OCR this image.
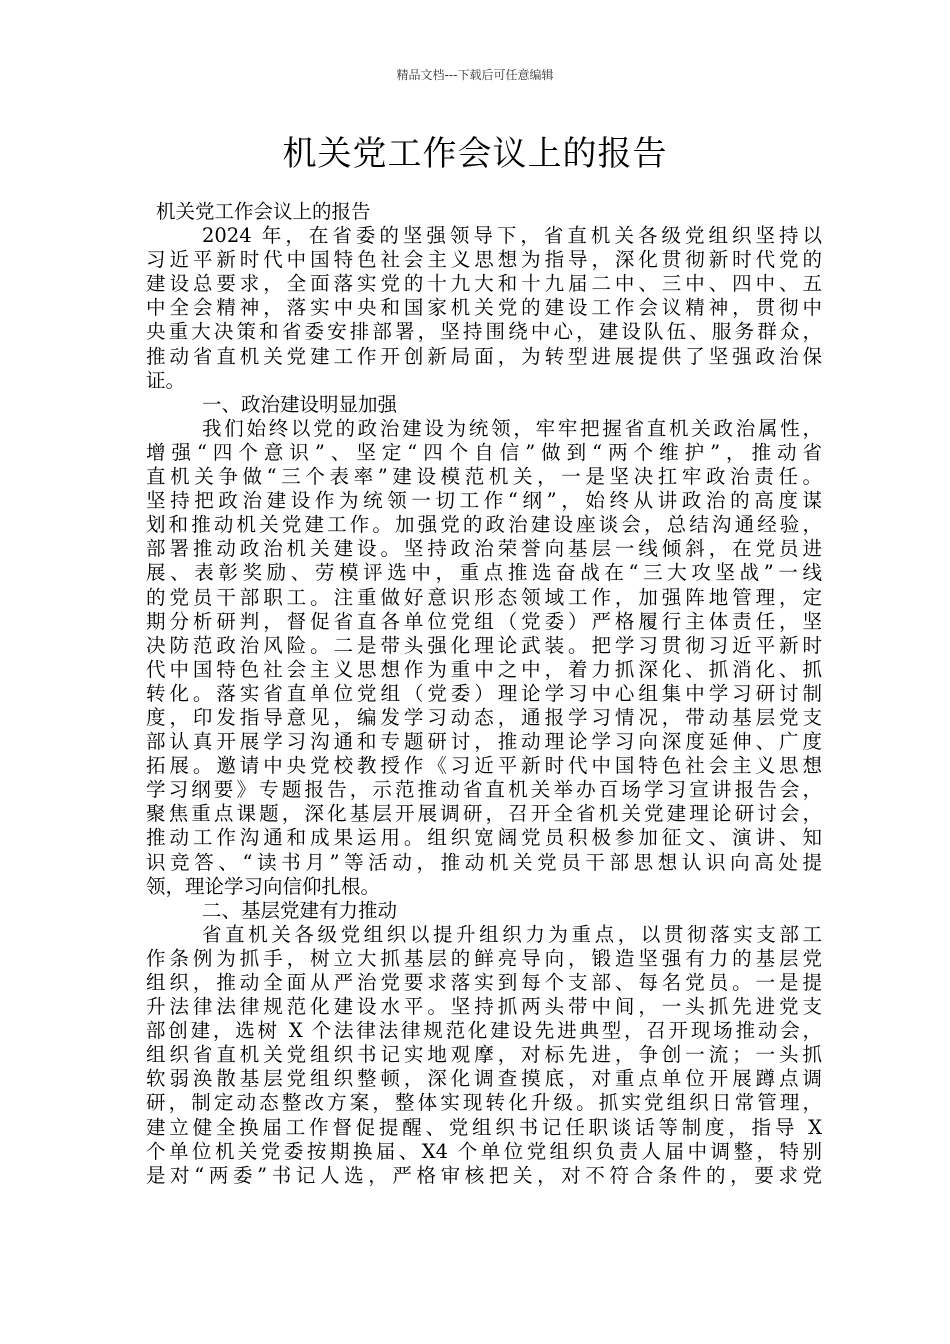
精品文档---下载后可任意编辑
机关党工作会议上的报告
机关党工作会议上的报告
2024 年，在省委的坚强领导下，省直机关各级党组织坚持以
习近平新时代中国特色社会主义思想为指导，深化贯彻新时代党的
建设总要求，全面落实党的十九大和十九届二中、三中、四中、五
中全会精神，落实中央和国家机关党的建设工作会议精神，贯彻中
央重大决策和省委安排部署，坚持围绕中心，建设队伍、服务群众，
推动省直机关党建工作开创新局面，为转型进展提供了坚强政治保
证。
一、政治建设明显加强
我们始终以党的政治建设为统领，牢牢把握省直机关政治属性，
增强“四个意识”、坚定“四个自信”做到“两个维护”，推动省
直机关争做“三个表率”建设模范机关，一是坚决扛牢政治责任。
坚持把政治建设作为统领一切工作“纲”，始终从讲政治的高度谋
划和推动机关党建工作。加强党的政治建设座谈会，总结沟通经验，
部署推动政治机关建设。坚持政治荣誉向基层一线倾斜，在党员进
展、表彰奖励、劳模评选中，重点推选奋战在“三大攻坚战”一线
的党员干部职工。注重做好意识形态领域工作，加强阵地管理，定
期分析研判，督促省直各单位党组（党委）严格履行主体责任，坚
决防范政治风险。二是带头强化理论武装。把学习贯彻习近平新时
代中国特色社会主义思想作为重中之中，着力抓深化、抓消化、抓
转化。落实省直单位党组（党委）理论学习中心组集中学习研讨制
度，印发指导意见，编发学习动态，通报学习情况，带动基层党支
部认真开展学习沟通和专题研讨，推动理论学习向深度延伸、广度
拓展。邀请中央党校教授作《习近平新时代中国特色社会主义思想
学习纲要》专题报告，示范推动省直机关举办百场学习宣讲报告会，
聚焦重点课题，深化基层开展调研，召开全省机关党建理论研讨会，
推动工作沟通和成果运用。组织宽阔党员积极参加征文、演讲、知
识竞答、“读书月”等活动，推动机关党员干部思想认识向高处提
领，理论学习向信仰扎根。
二、基层党建有力推动
省直机关各级党组织以提升组织力为重点，以贯彻落实支部工
作条例为抓手，树立大抓基层的鲜亮导向，锻造坚强有力的基层党
组织，推动全面从严治党要求落实到每个支部、每名党员。一是提
升法律法律规范化建设水平。坚持抓两头带中间，一头抓先进党支
部创建，选树 X 个法律法律规范化建设先进典型，召开现场推动会，
组织省直机关党组织书记实地观摩，对标先进，争创一流；一头抓
软弱涣散基层党组织整顿，深化调查摸底，对重点单位开展蹲点调
研，制定动态整改方案，整体实现转化升级。抓实党组织日常管理，
建立健全换届工作督促提醒、党组织书记任职谈话等制度，指导 X
个单位机关党委按期换届、X4 个单位党组织负责人届中调整，特别
是对“两委”书记人选，严格审核把关，对不符合条件的，要求党
